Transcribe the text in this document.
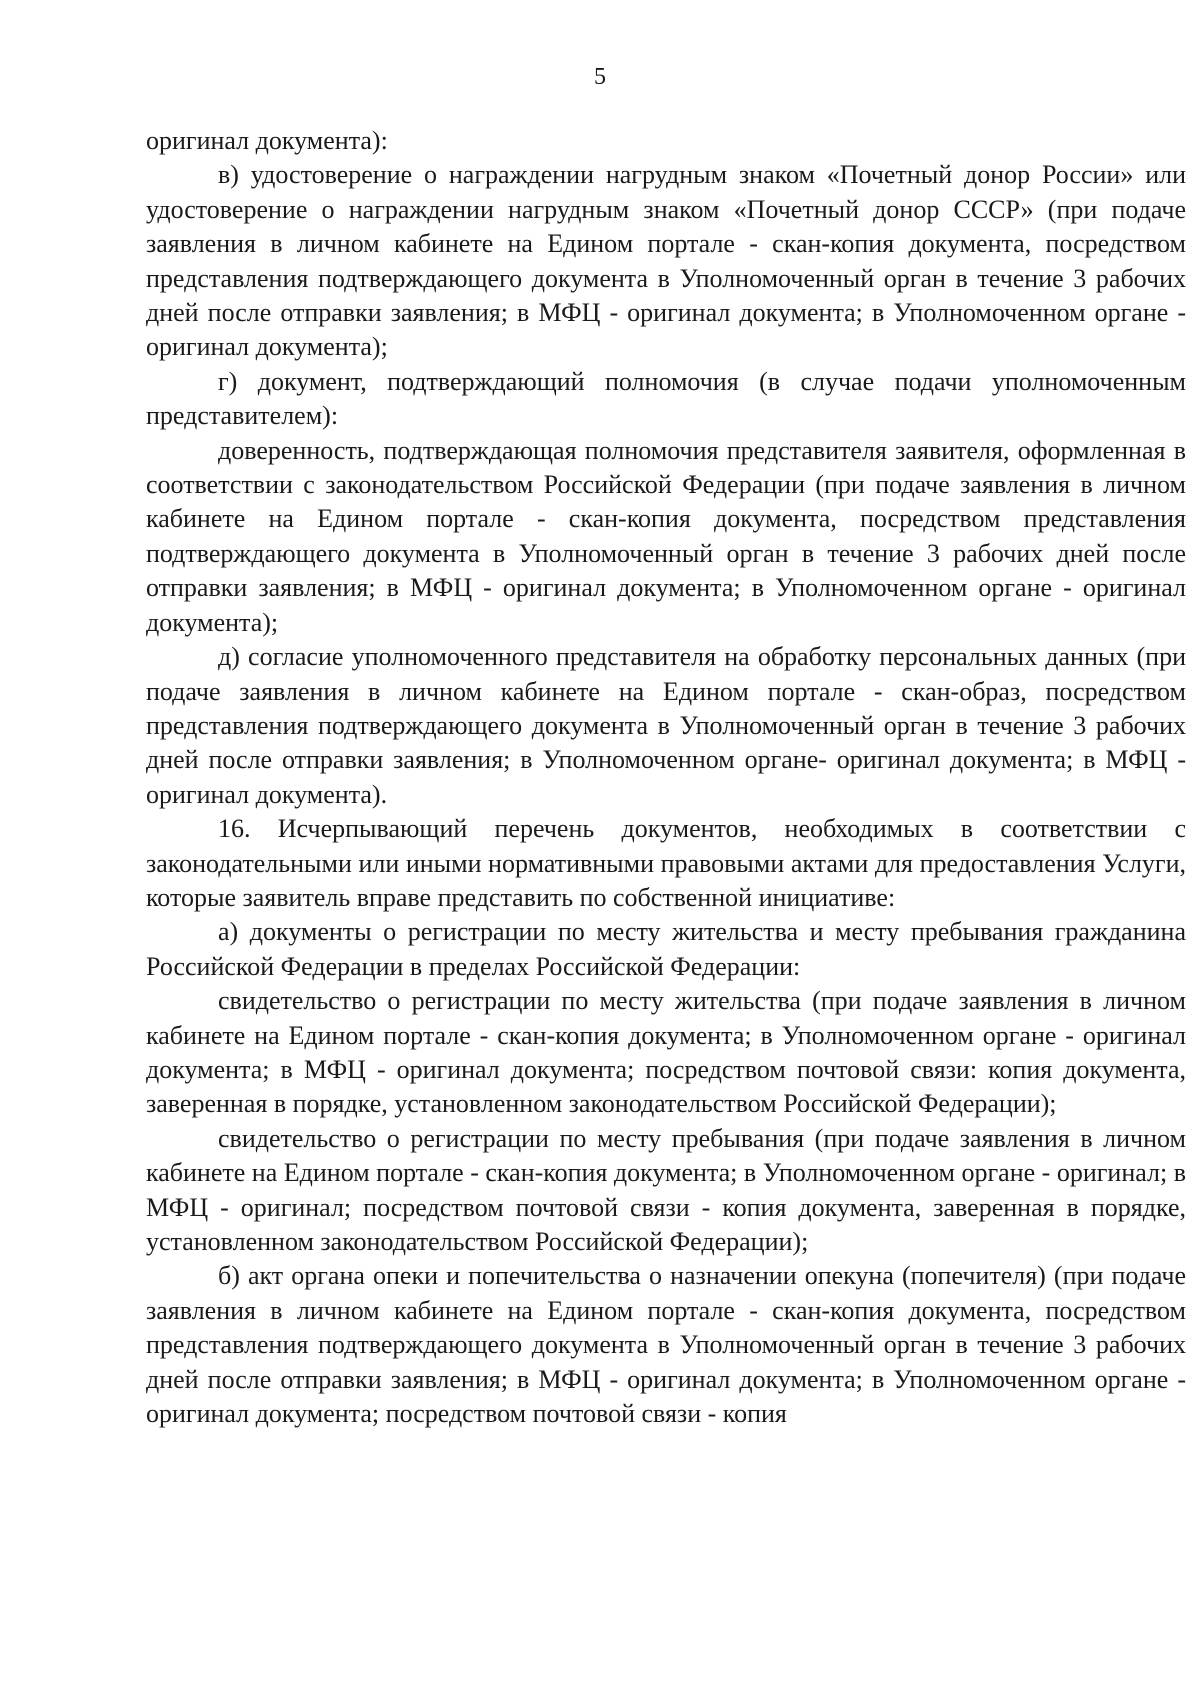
5

оригинал документа):

в) удостоверение о награждении нагрудным знаком «Почетный донор России» или удостоверение о награждении нагрудным знаком «Почетный донор СССР» (при подаче заявления в личном кабинете на Едином портале - скан-копия документа, посредством представления подтверждающего документа в Уполномоченный орган в течение 3 рабочих дней после отправки заявления; в МФЦ - оригинал документа; в Уполномоченном органе - оригинал документа);

г) документ, подтверждающий полномочия (в случае подачи уполномоченным представителем):

доверенность, подтверждающая полномочия представителя заявителя, оформленная в соответствии с законодательством Российской Федерации (при подаче заявления в личном кабинете на Едином портале - скан-копия документа, посредством представления подтверждающего документа в Уполномоченный орган в течение 3 рабочих дней после отправки заявления; в МФЦ - оригинал документа; в Уполномоченном органе - оригинал документа);

д) согласие уполномоченного представителя на обработку персональных данных (при подаче заявления в личном кабинете на Едином портале - скан-образ, посредством представления подтверждающего документа в Уполномоченный орган в течение 3 рабочих дней после отправки заявления; в Уполномоченном органе- оригинал документа; в МФЦ - оригинал документа).

16. Исчерпывающий перечень документов, необходимых в соответствии с законодательными или иными нормативными правовыми актами для предоставления Услуги, которые заявитель вправе представить по собственной инициативе:

а) документы о регистрации по месту жительства и месту пребывания гражданина Российской Федерации в пределах Российской Федерации:

свидетельство о регистрации по месту жительства (при подаче заявления в личном кабинете на Едином портале - скан-копия документа; в Уполномоченном органе - оригинал документа; в МФЦ - оригинал документа; посредством почтовой связи: копия документа, заверенная в порядке, установленном законодательством Российской Федерации);

свидетельство о регистрации по месту пребывания (при подаче заявления в личном кабинете на Едином портале - скан-копия документа; в Уполномоченном органе - оригинал; в МФЦ - оригинал; посредством почтовой связи - копия документа, заверенная в порядке, установленном законодательством Российской Федерации);

б) акт органа опеки и попечительства о назначении опекуна (попечителя) (при подаче заявления в личном кабинете на Едином портале - скан-копия документа, посредством представления подтверждающего документа в Уполномоченный орган в течение 3 рабочих дней после отправки заявления; в МФЦ - оригинал документа; в Уполномоченном органе - оригинал документа; посредством почтовой связи - копия
